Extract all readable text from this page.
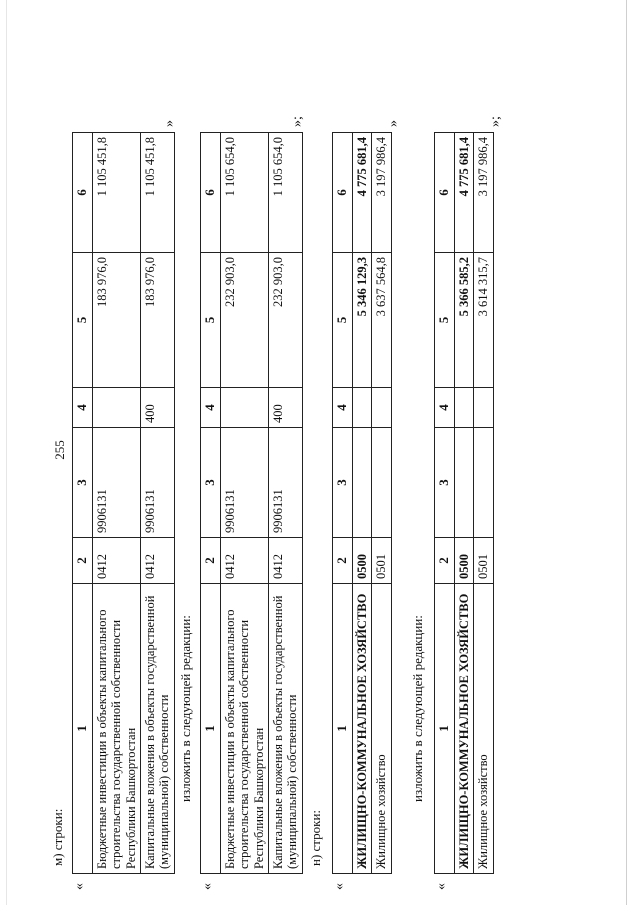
255
м) строки:
«
1	2	3	4	5	6
Бюджетные инвестиции в объекты капитального строительства государственной собственности Республики Башкортостан	0412	9906131		183 976,0	1 105 451,8
Капитальные вложения в объекты государственной (муниципальной) собственности	0412	9906131	400	183 976,0	1 105 451,8
»
изложить в следующей редакции:
«
1	2	3	4	5	6
Бюджетные инвестиции в объекты капитального строительства государственной собственности Республики Башкортостан	0412	9906131		232 903,0	1 105 654,0
Капитальные вложения в объекты государственной (муниципальной) собственности	0412	9906131	400	232 903,0	1 105 654,0
»;
н) строки:
«
1	2	3	4	5	6
ЖИЛИЩНО-КОММУНАЛЬНОЕ ХОЗЯЙСТВО	0500			5 346 129,3	4 775 681,4
Жилищное хозяйство	0501			3 637 564,8	3 197 986,4
»
изложить в следующей редакции:
«
1	2	3	4	5	6
ЖИЛИЩНО-КОММУНАЛЬНОЕ ХОЗЯЙСТВО	0500			5 366 585,2	4 775 681,4
Жилищное хозяйство	0501			3 614 315,7	3 197 986,4
»;
